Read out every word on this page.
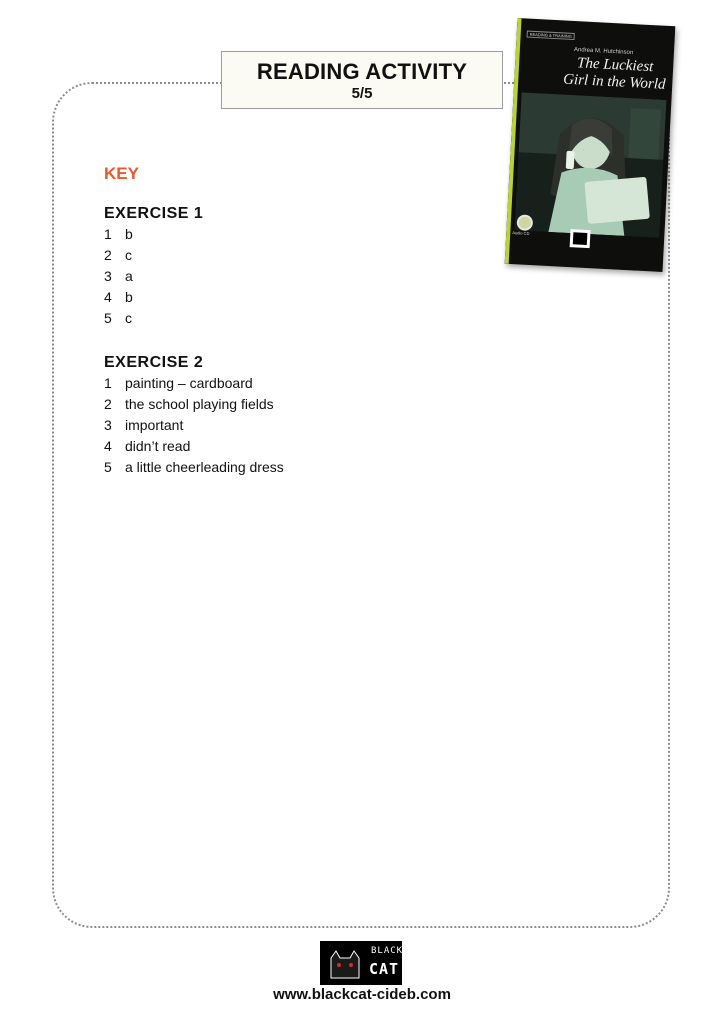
READING ACTIVITY
5/5
READING & TRAINING
Andrea M. Hutchinson
The Luckiest Girl in the World
Audio CD
KEY
EXERCISE 1
1 b
2 c
3 a
4 b
5 c
EXERCISE 2
1 painting – cardboard
2 the school playing fields
3 important
4 didn’t read
5 a little cheerleading dress
BLACK
CAT
www.blackcat-cideb.com
